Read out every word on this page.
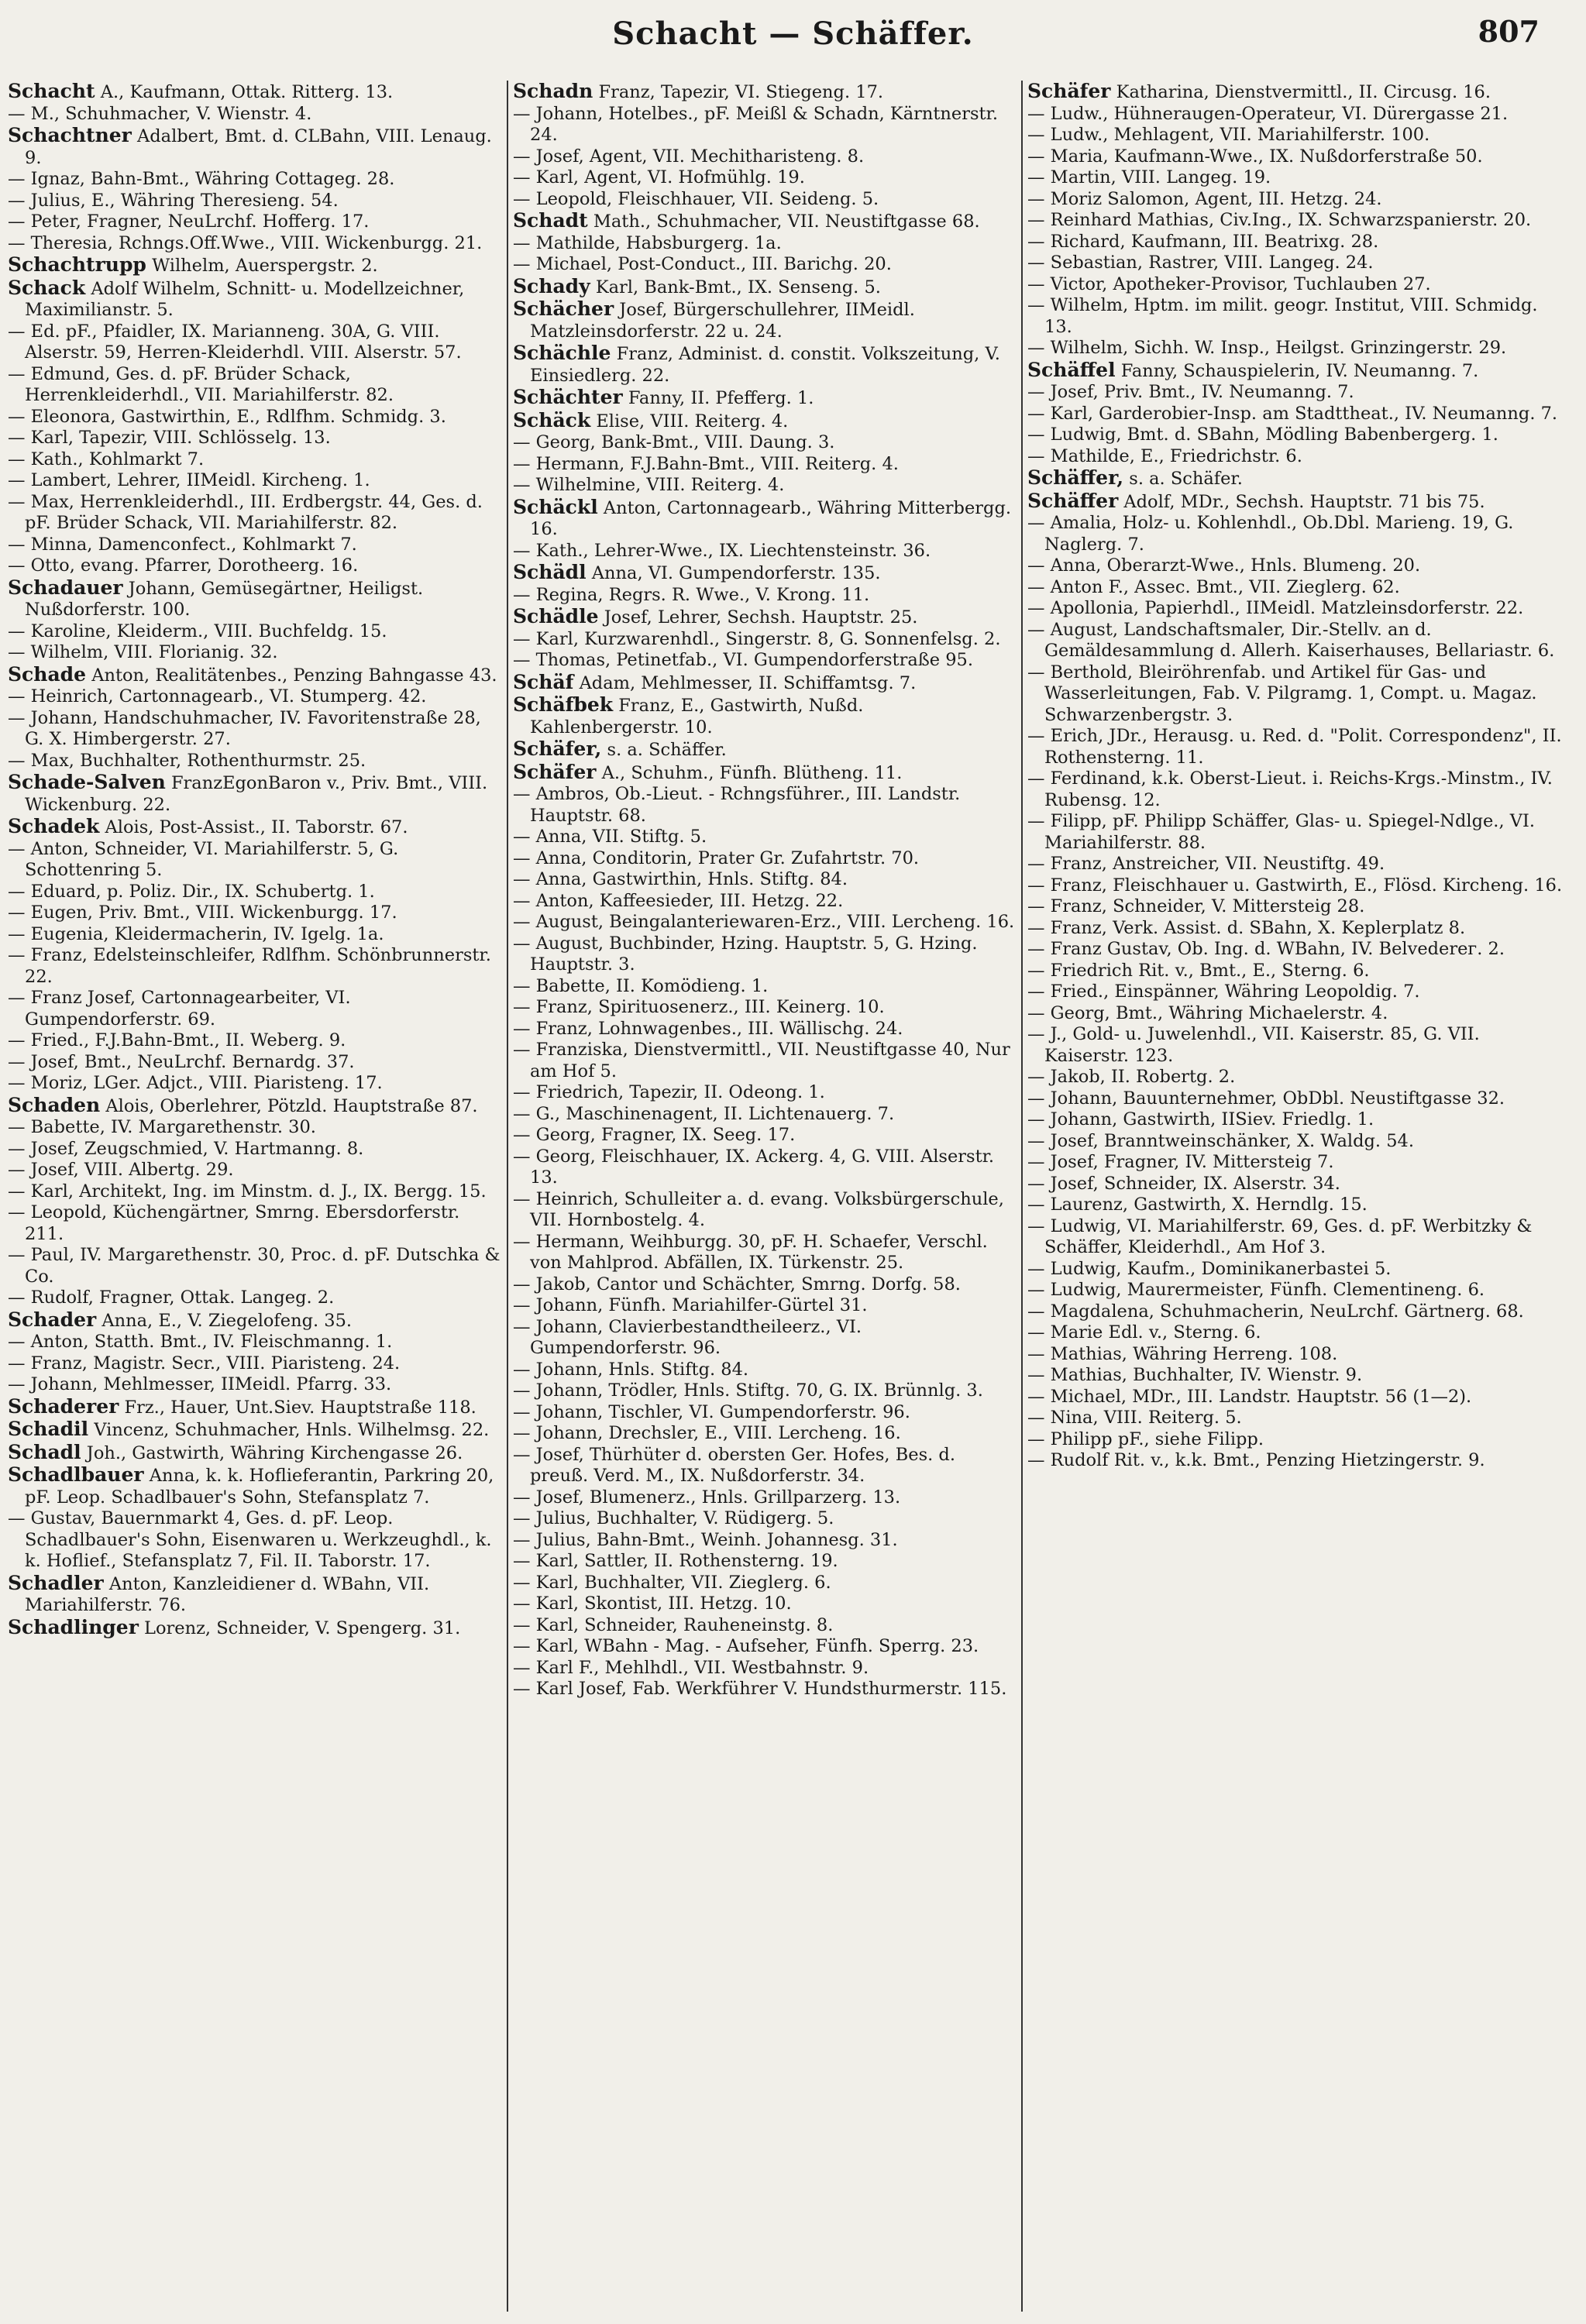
Schacht — Schäffer.	807

Schacht A., Kaufmann, Ottak. Ritterg. 13.

— M., Schuhmacher, V. Wienstr. 4.

Schachtner Adalbert, Bmt. d. CLBahn, VIII. Lenaug. 9.

— Ignaz, Bahn-Bmt., Währing Cottageg. 28.

— Julius, E., Währing Theresieng. 54.

— Peter, Fragner, NeuLrchf. Hofferg. 17.

— Theresia, Rchngs.Off.Wwe., VIII. Wickenburgg. 21.

Schachtrupp Wilhelm, Auerspergstr. 2.

Schack Adolf Wilhelm, Schnitt- u. Modellzeichner, Maximilianstr. 5.

— Ed. pF., Pfaidler, IX. Marianneng. 30A, G. VIII. Alserstr. 59, Herren-Kleiderhdl. VIII. Alserstr. 57.

— Edmund, Ges. d. pF. Brüder Schack, Herrenkleiderhdl., VII. Mariahilferstr. 82.

— Eleonora, Gastwirthin, E., Rdlfhm. Schmidg. 3.

— Karl, Tapezir, VIII. Schlösselg. 13.

— Kath., Kohlmarkt 7.

— Lambert, Lehrer, IIMeidl. Kircheng. 1.

— Max, Herrenkleiderhdl., III. Erdbergstr. 44, Ges. d. pF. Brüder Schack, VII. Mariahilferstr. 82.

— Minna, Damenconfect., Kohlmarkt 7.

— Otto, evang. Pfarrer, Dorotheerg. 16.

Schadauer Johann, Gemüsegärtner, Heiligst. Nußdorferstr. 100.

— Karoline, Kleiderm., VIII. Buchfeldg. 15.

— Wilhelm, VIII. Florianig. 32.

Schade Anton, Realitätenbes., Penzing Bahngasse 43.

— Heinrich, Cartonnagearb., VI. Stumperg. 42.

— Johann, Handschuhmacher, IV. Favoritenstraße 28, G. X. Himbergerstr. 27.

— Max, Buchhalter, Rothenthurmstr. 25.

Schade-Salven FranzEgonBaron v., Priv. Bmt., VIII. Wickenburg. 22.

Schadek Alois, Post-Assist., II. Taborstr. 67.

— Anton, Schneider, VI. Mariahilferstr. 5, G. Schottenring 5.

— Eduard, p. Poliz. Dir., IX. Schubertg. 1.

— Eugen, Priv. Bmt., VIII. Wickenburgg. 17.

— Eugenia, Kleidermacherin, IV. Igelg. 1a.

— Franz, Edelsteinschleifer, Rdlfhm. Schönbrunnerstr. 22.

— Franz Josef, Cartonnagearbeiter, VI. Gumpendorferstr. 69.

— Fried., F.J.Bahn-Bmt., II. Weberg. 9.

— Josef, Bmt., NeuLrchf. Bernardg. 37.

— Moriz, LGer. Adjct., VIII. Piaristeng. 17.

Schaden Alois, Oberlehrer, Pötzld. Hauptstraße 87.

— Babette, IV. Margarethenstr. 30.

— Josef, Zeugschmied, V. Hartmanng. 8.

— Josef, VIII. Albertg. 29.

— Karl, Architekt, Ing. im Minstm. d. J., IX. Bergg. 15.

— Leopold, Küchengärtner, Smrng. Ebersdorferstr. 211.

— Paul, IV. Margarethenstr. 30, Proc. d. pF. Dutschka & Co.

— Rudolf, Fragner, Ottak. Langeg. 2.

Schader Anna, E., V. Ziegelofeng. 35.

— Anton, Statth. Bmt., IV. Fleischmanng. 1.

— Franz, Magistr. Secr., VIII. Piaristeng. 24.

— Johann, Mehlmesser, IIMeidl. Pfarrg. 33.

Schaderer Frz., Hauer, Unt.Siev. Hauptstraße 118.

Schadil Vincenz, Schuhmacher, Hnls. Wilhelmsg. 22.

Schadl Joh., Gastwirth, Währing Kirchengasse 26.

Schadlbauer Anna, k. k. Hoflieferantin, Parkring 20, pF. Leop. Schadlbauer's Sohn, Stefansplatz 7.

— Gustav, Bauernmarkt 4, Ges. d. pF. Leop. Schadlbauer's Sohn, Eisenwaren u. Werkzeughdl., k. k. Hoflief., Stefansplatz 7, Fil. II. Taborstr. 17.

Schadler Anton, Kanzleidiener d. WBahn, VII. Mariahilferstr. 76.

Schadlinger Lorenz, Schneider, V. Spengerg. 31.

Schadn Franz, Tapezir, VI. Stiegeng. 17.

— Johann, Hotelbes., pF. Meißl & Schadn, Kärntnerstr. 24.

— Josef, Agent, VII. Mechitharisteng. 8.

— Karl, Agent, VI. Hofmühlg. 19.

— Leopold, Fleischhauer, VII. Seideng. 5.

Schadt Math., Schuhmacher, VII. Neustiftgasse 68.

— Mathilde, Habsburgerg. 1a.

— Michael, Post-Conduct., III. Barichg. 20.

Schady Karl, Bank-Bmt., IX. Senseng. 5.

Schächer Josef, Bürgerschullehrer, IIMeidl. Matzleinsdorferstr. 22 u. 24.

Schächle Franz, Administ. d. constit. Volkszeitung, V. Einsiedlerg. 22.

Schächter Fanny, II. Pfefferg. 1.

Schäck Elise, VIII. Reiterg. 4.

— Georg, Bank-Bmt., VIII. Daung. 3.

— Hermann, F.J.Bahn-Bmt., VIII. Reiterg. 4.

— Wilhelmine, VIII. Reiterg. 4.

Schäckl Anton, Cartonnagearb., Währing Mitterbergg. 16.

— Kath., Lehrer-Wwe., IX. Liechtensteinstr. 36.

Schädl Anna, VI. Gumpendorferstr. 135.

— Regina, Regrs. R. Wwe., V. Krong. 11.

Schädle Josef, Lehrer, Sechsh. Hauptstr. 25.

— Karl, Kurzwarenhdl., Singerstr. 8, G. Sonnenfelsg. 2.

— Thomas, Petinetfab., VI. Gumpendorferstraße 95.

Schäf Adam, Mehlmesser, II. Schiffamtsg. 7.

Schäfbek Franz, E., Gastwirth, Nußd. Kahlenbergerstr. 10.

Schäfer, s. a. Schäffer.

Schäfer A., Schuhm., Fünfh. Blütheng. 11.

— Ambros, Ob.-Lieut. - Rchngsführer., III. Landstr. Hauptstr. 68.

— Anna, VII. Stiftg. 5.

— Anna, Conditorin, Prater Gr. Zufahrtstr. 70.

— Anna, Gastwirthin, Hnls. Stiftg. 84.

— Anton, Kaffeesieder, III. Hetzg. 22.

— August, Beingalanteriewaren-Erz., VIII. Lercheng. 16.

— August, Buchbinder, Hzing. Hauptstr. 5, G. Hzing. Hauptstr. 3.

— Babette, II. Komödieng. 1.

— Franz, Spirituosenerz., III. Keinerg. 10.

— Franz, Lohnwagenbes., III. Wällischg. 24.

— Franziska, Dienstvermittl., VII. Neustiftgasse 40, Nur am Hof 5.

— Friedrich, Tapezir, II. Odeong. 1.

— G., Maschinenagent, II. Lichtenauerg. 7.

— Georg, Fragner, IX. Seeg. 17.

— Georg, Fleischhauer, IX. Ackerg. 4, G. VIII. Alserstr. 13.

— Heinrich, Schulleiter a. d. evang. Volksbürgerschule, VII. Hornbostelg. 4.

— Hermann, Weihburgg. 30, pF. H. Schaefer, Verschl. von Mahlprod. Abfällen, IX. Türkenstr. 25.

— Jakob, Cantor und Schächter, Smrng. Dorfg. 58.

— Johann, Fünfh. Mariahilfer-Gürtel 31.

— Johann, Clavierbestandtheileerz., VI. Gumpendorferstr. 96.

— Johann, Hnls. Stiftg. 84.

— Johann, Trödler, Hnls. Stiftg. 70, G. IX. Brünnlg. 3.

— Johann, Tischler, VI. Gumpendorferstr. 96.

— Johann, Drechsler, E., VIII. Lercheng. 16.

— Josef, Thürhüter d. obersten Ger. Hofes, Bes. d. preuß. Verd. M., IX. Nußdorferstr. 34.

— Josef, Blumenerz., Hnls. Grillparzerg. 13.

— Julius, Buchhalter, V. Rüdigerg. 5.

— Julius, Bahn-Bmt., Weinh. Johannesg. 31.

— Karl, Sattler, II. Rothensterng. 19.

— Karl, Buchhalter, VII. Zieglerg. 6.

— Karl, Skontist, III. Hetzg. 10.

— Karl, Schneider, Rauheneinstg. 8.

— Karl, WBahn - Mag. - Aufseher, Fünfh. Sperrg. 23.

— Karl F., Mehlhdl., VII. Westbahnstr. 9.

— Karl Josef, Fab. Werkführer V. Hundsthurmerstr. 115.

Schäfer Katharina, Dienstvermittl., II. Circusg. 16.

— Ludw., Hühneraugen-Operateur, VI. Dürergasse 21.

— Ludw., Mehlagent, VII. Mariahilferstr. 100.

— Maria, Kaufmann-Wwe., IX. Nußdorferstraße 50.

— Martin, VIII. Langeg. 19.

— Moriz Salomon, Agent, III. Hetzg. 24.

— Reinhard Mathias, Civ.Ing., IX. Schwarzspanierstr. 20.

— Richard, Kaufmann, III. Beatrixg. 28.

— Sebastian, Rastrer, VIII. Langeg. 24.

— Victor, Apotheker-Provisor, Tuchlauben 27.

— Wilhelm, Hptm. im milit. geogr. Institut, VIII. Schmidg. 13.

— Wilhelm, Sichh. W. Insp., Heilgst. Grinzingerstr. 29.

Schäffel Fanny, Schauspielerin, IV. Neumanng. 7.

— Josef, Priv. Bmt., IV. Neumanng. 7.

— Karl, Garderobier-Insp. am Stadttheat., IV. Neumanng. 7.

— Ludwig, Bmt. d. SBahn, Mödling Babenbergerg. 1.

— Mathilde, E., Friedrichstr. 6.

Schäffer, s. a. Schäfer.

Schäffer Adolf, MDr., Sechsh. Hauptstr. 71 bis 75.

— Amalia, Holz- u. Kohlenhdl., Ob.Dbl. Marieng. 19, G. Naglerg. 7.

— Anna, Oberarzt-Wwe., Hnls. Blumeng. 20.

— Anton F., Assec. Bmt., VII. Zieglerg. 62.

— Apollonia, Papierhdl., IIMeidl. Matzleinsdorferstr. 22.

— August, Landschaftsmaler, Dir.-Stellv. an d. Gemäldesammlung d. Allerh. Kaiserhauses, Bellariastr. 6.

— Berthold, Bleiröhrenfab. und Artikel für Gas- und Wasserleitungen, Fab. V. Pilgramg. 1, Compt. u. Magaz. Schwarzenbergstr. 3.

— Erich, JDr., Herausg. u. Red. d. "Polit. Correspondenz", II. Rothensterng. 11.

— Ferdinand, k.k. Oberst-Lieut. i. Reichs-Krgs.-Minstm., IV. Rubensg. 12.

— Filipp, pF. Philipp Schäffer, Glas- u. Spiegel-Ndlge., VI. Mariahilferstr. 88.

— Franz, Anstreicher, VII. Neustiftg. 49.

— Franz, Fleischhauer u. Gastwirth, E., Flösd. Kircheng. 16.

— Franz, Schneider, V. Mittersteig 28.

— Franz, Verk. Assist. d. SBahn, X. Keplerplatz 8.

— Franz Gustav, Ob. Ing. d. WBahn, IV. Belvederег. 2.

— Friedrich Rit. v., Bmt., E., Sterng. 6.

— Fried., Einspänner, Währing Leopoldig. 7.

— Georg, Bmt., Währing Michaelerstr. 4.

— J., Gold- u. Juwelenhdl., VII. Kaiserstr. 85, G. VII. Kaiserstr. 123.

— Jakob, II. Robertg. 2.

— Johann, Bauunternehmer, ObDbl. Neustiftgasse 32.

— Johann, Gastwirth, IISiev. Friedlg. 1.

— Josef, Branntweinschänker, X. Waldg. 54.

— Josef, Fragner, IV. Mittersteig 7.

— Josef, Schneider, IX. Alserstr. 34.

— Laurenz, Gastwirth, X. Herndlg. 15.

— Ludwig, VI. Mariahilferstr. 69, Ges. d. pF. Werbitzky & Schäffer, Kleiderhdl., Am Hof 3.

— Ludwig, Kaufm., Dominikanerbastei 5.

— Ludwig, Maurermeister, Fünfh. Clementineng. 6.

— Magdalena, Schuhmacherin, NeuLrchf. Gärtnerg. 68.

— Marie Edl. v., Sterng. 6.

— Mathias, Währing Herreng. 108.

— Mathias, Buchhalter, IV. Wienstr. 9.

— Michael, MDr., III. Landstr. Hauptstr. 56 (1—2).

— Nina, VIII. Reiterg. 5.

— Philipp pF., siehe Filipp.

— Rudolf Rit. v., k.k. Bmt., Penzing Hietzingerstr. 9.
